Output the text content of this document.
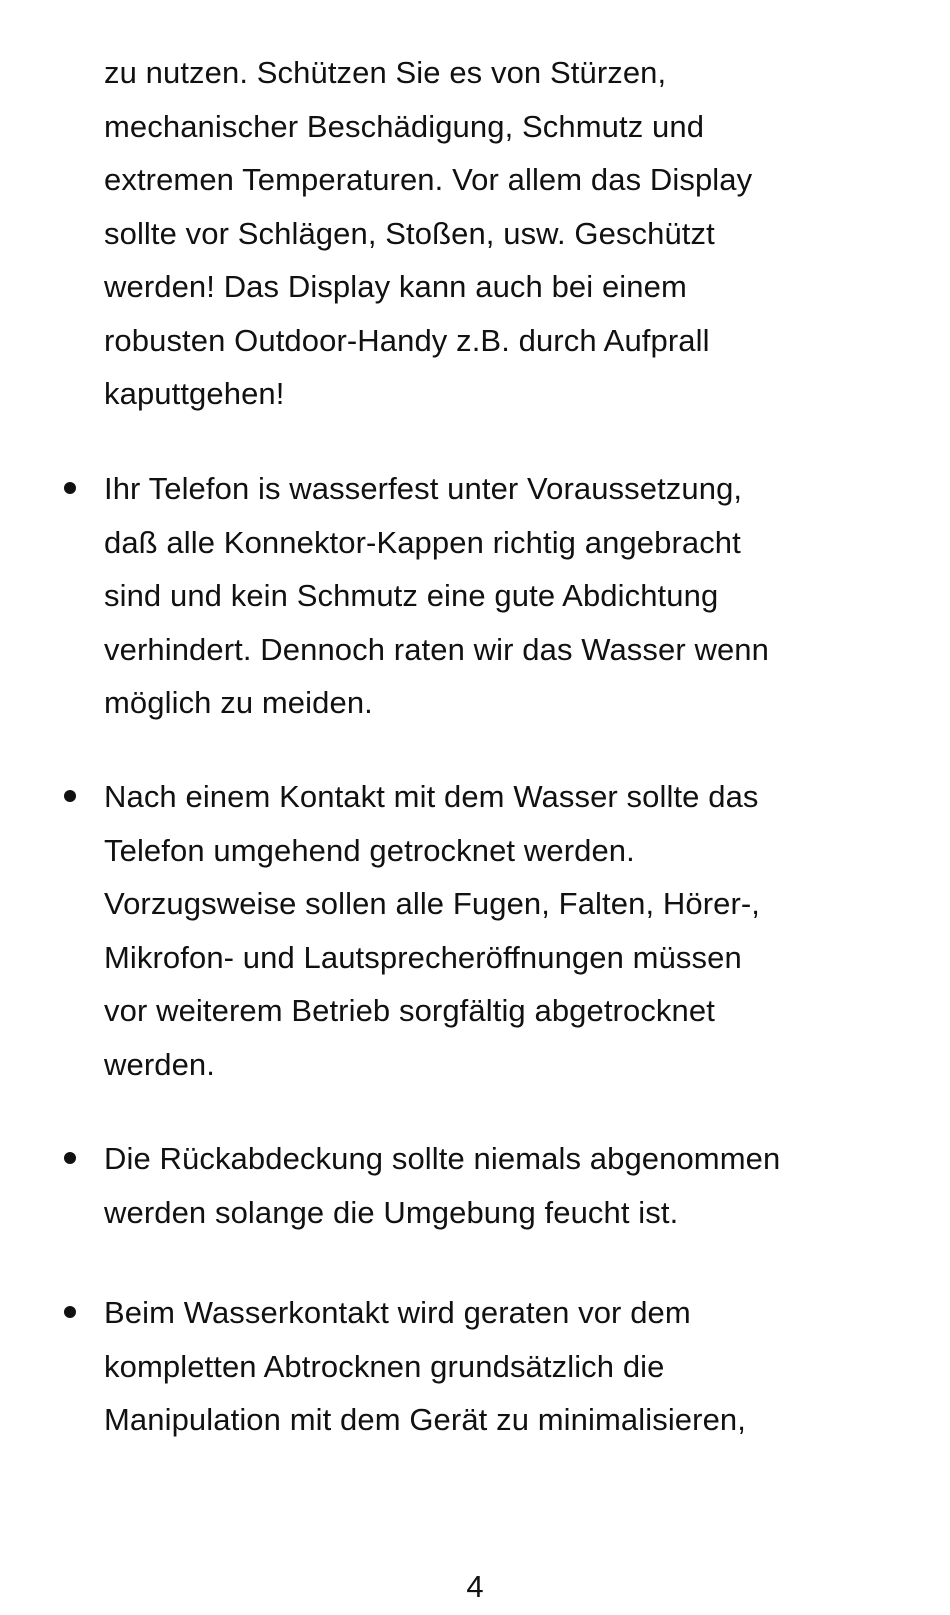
zu nutzen. Schützen Sie es von Stürzen,
mechanischer Beschädigung, Schmutz und
extremen Temperaturen. Vor allem das Display
sollte vor Schlägen, Stoßen, usw. Geschützt
werden! Das Display kann auch bei einem
robusten Outdoor-Handy z.B. durch Aufprall
kaputtgehen!
Ihr Telefon is wasserfest unter Voraussetzung,
daß alle Konnektor-Kappen richtig angebracht
sind und kein Schmutz eine gute Abdichtung
verhindert. Dennoch raten wir das Wasser wenn
möglich zu meiden.
Nach einem Kontakt mit dem Wasser sollte das
Telefon umgehend getrocknet werden.
Vorzugsweise sollen alle Fugen, Falten, Hörer-,
Mikrofon- und Lautsprecheröffnungen müssen
vor weiterem Betrieb sorgfältig abgetrocknet
werden.
Die Rückabdeckung sollte niemals abgenommen
werden solange die Umgebung feucht ist.
Beim Wasserkontakt wird geraten vor dem
kompletten Abtrocknen grundsätzlich die
Manipulation mit dem Gerät zu minimalisieren,
4
